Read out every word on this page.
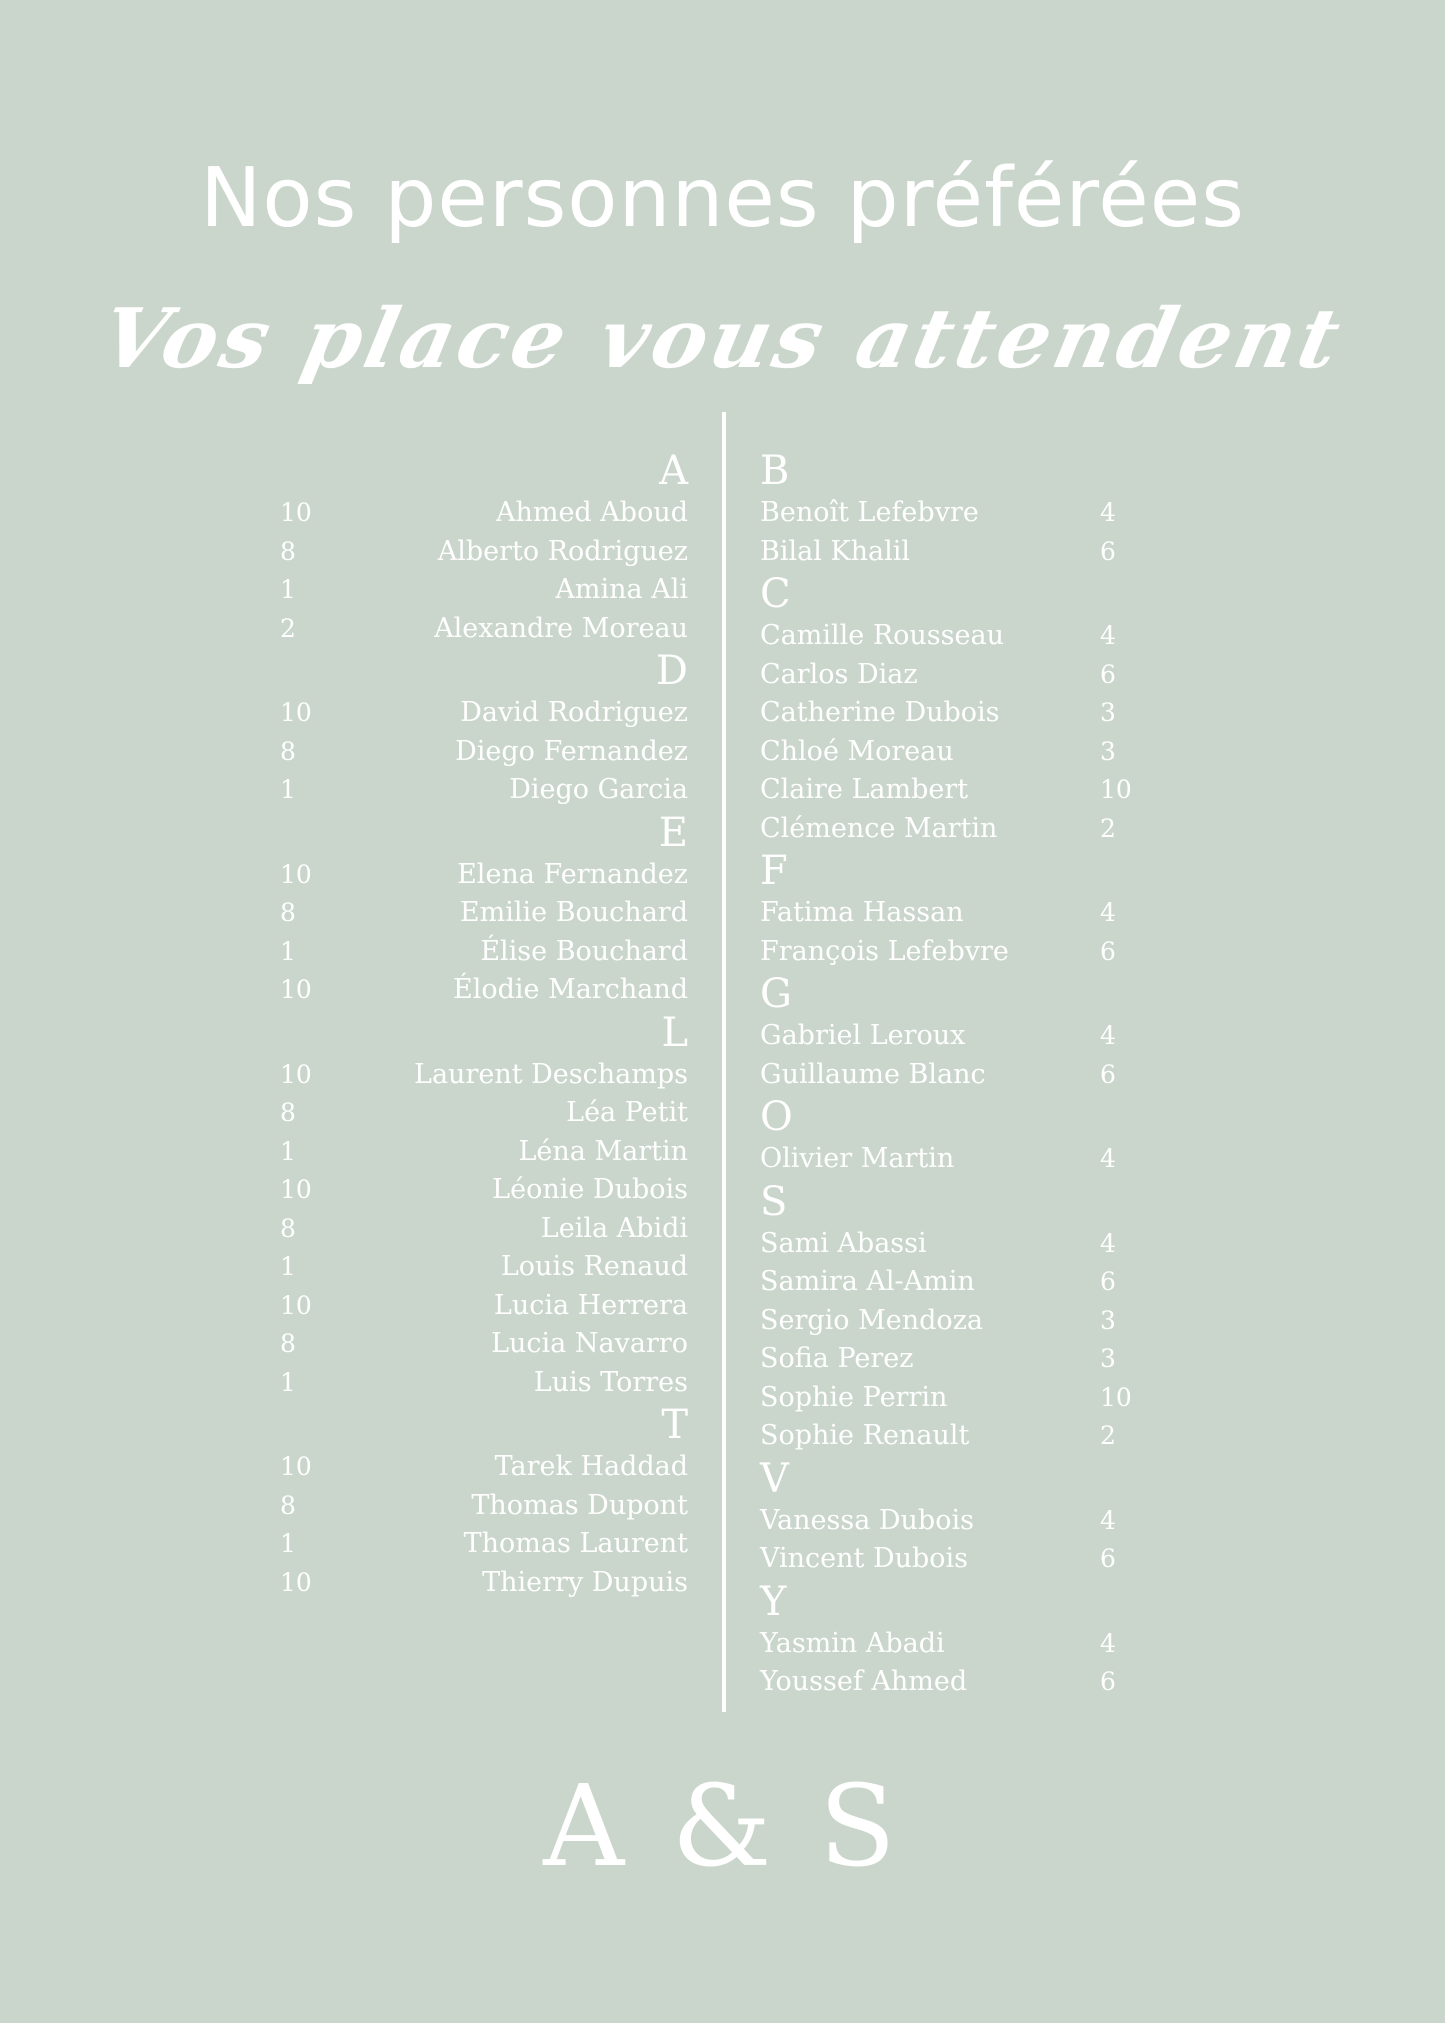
Nos personnes préférées
Vos place vous attendent
A
10	Ahmed Aboud
8	Alberto Rodriguez
1	Amina Ali
2	Alexandre Moreau
D
10	David Rodriguez
8	Diego Fernandez
1	Diego Garcia
E
10	Elena Fernandez
8	Emilie Bouchard
1	Élise Bouchard
10	Élodie Marchand
L
10	Laurent Deschamps
8	Léa Petit
1	Léna Martin
10	Léonie Dubois
8	Leila Abidi
1	Louis Renaud
10	Lucia Herrera
8	Lucia Navarro
1	Luis Torres
T
10	Tarek Haddad
8	Thomas Dupont
1	Thomas Laurent
10	Thierry Dupuis
B
Benoît Lefebvre	4
Bilal Khalil	6
C
Camille Rousseau	4
Carlos Diaz	6
Catherine Dubois	3
Chloé Moreau	3
Claire Lambert	10
Clémence Martin	2
F
Fatima Hassan	4
François Lefebvre	6
G
Gabriel Leroux	4
Guillaume Blanc	6
O
Olivier Martin	4
S
Sami Abassi	4
Samira Al-Amin	6
Sergio Mendoza	3
Sofia Perez	3
Sophie Perrin	10
Sophie Renault	2
V
Vanessa Dubois	4
Vincent Dubois	6
Y
Yasmin Abadi	4
Youssef Ahmed	6
A & S
